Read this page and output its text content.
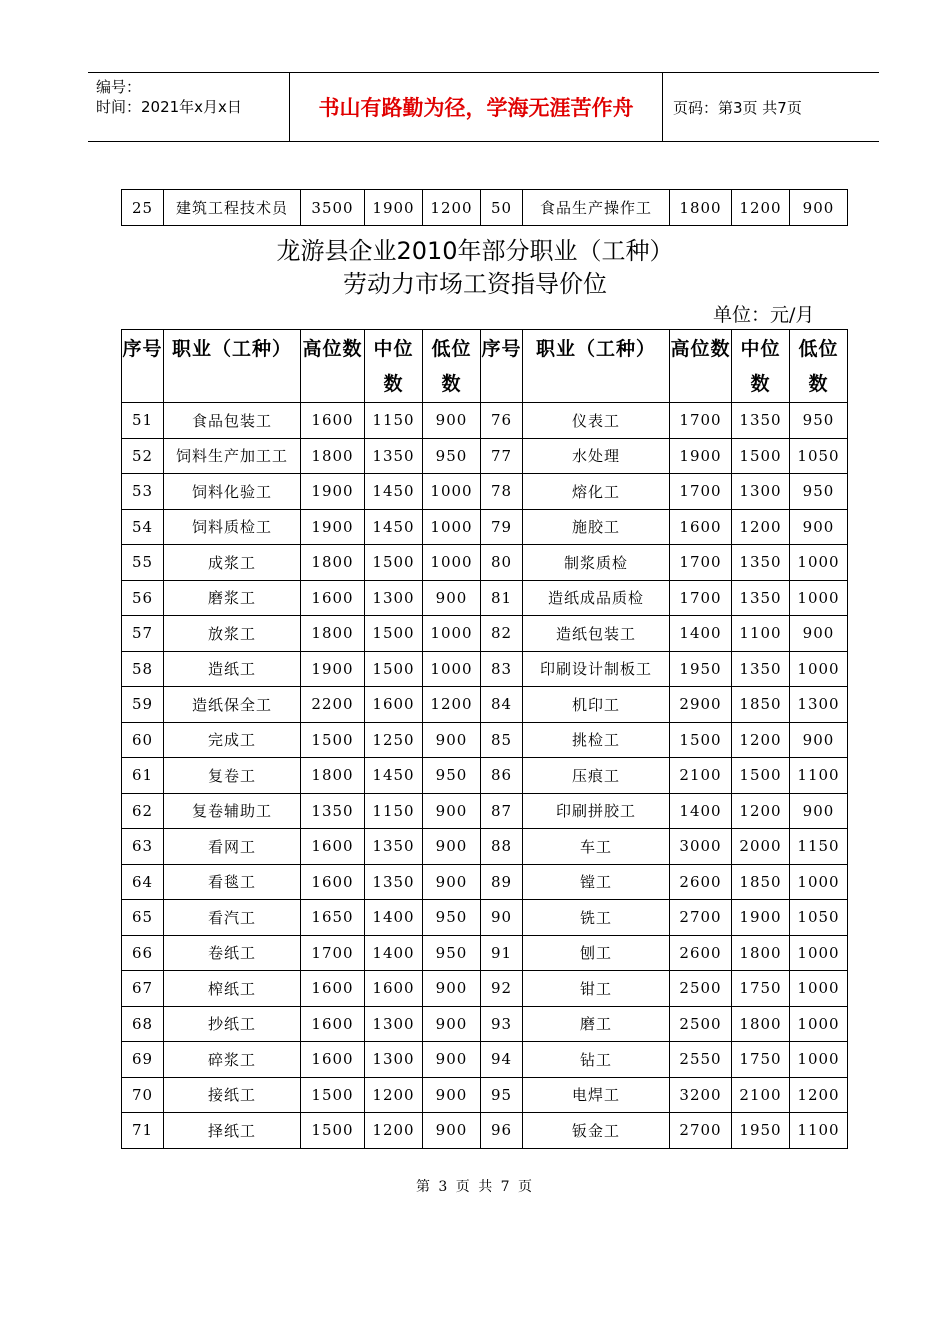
编号：
时间：2021年x月x日	书山有路勤为径，学海无涯苦作舟	页码：第3页 共7页
25	建筑工程技术员	3500	1900	1200	50	食品生产操作工	1800	1200	900
龙游县企业2010年部分职业（工种）
劳动力市场工资指导价位
单位：元/月
序号	职业（工种）	高位数	中位数	低位数	序号	职业（工种）	高位数	中位数	低位数
51	食品包装工	1600	1150	900	76	仪表工	1700	1350	950
52	饲料生产加工工	1800	1350	950	77	水处理	1900	1500	1050
53	饲料化验工	1900	1450	1000	78	熔化工	1700	1300	950
54	饲料质检工	1900	1450	1000	79	施胶工	1600	1200	900
55	成浆工	1800	1500	1000	80	制浆质检	1700	1350	1000
56	磨浆工	1600	1300	900	81	造纸成品质检	1700	1350	1000
57	放浆工	1800	1500	1000	82	造纸包装工	1400	1100	900
58	造纸工	1900	1500	1000	83	印刷设计制板工	1950	1350	1000
59	造纸保全工	2200	1600	1200	84	机印工	2900	1850	1300
60	完成工	1500	1250	900	85	挑检工	1500	1200	900
61	复卷工	1800	1450	950	86	压痕工	2100	1500	1100
62	复卷辅助工	1350	1150	900	87	印刷拼胶工	1400	1200	900
63	看网工	1600	1350	900	88	车工	3000	2000	1150
64	看毯工	1600	1350	900	89	镗工	2600	1850	1000
65	看汽工	1650	1400	950	90	铣工	2700	1900	1050
66	卷纸工	1700	1400	950	91	刨工	2600	1800	1000
67	榨纸工	1600	1600	900	92	钳工	2500	1750	1000
68	抄纸工	1600	1300	900	93	磨工	2500	1800	1000
69	碎浆工	1600	1300	900	94	钻工	2550	1750	1000
70	接纸工	1500	1200	900	95	电焊工	3200	2100	1200
71	择纸工	1500	1200	900	96	钣金工	2700	1950	1100
第 3 页 共 7 页
